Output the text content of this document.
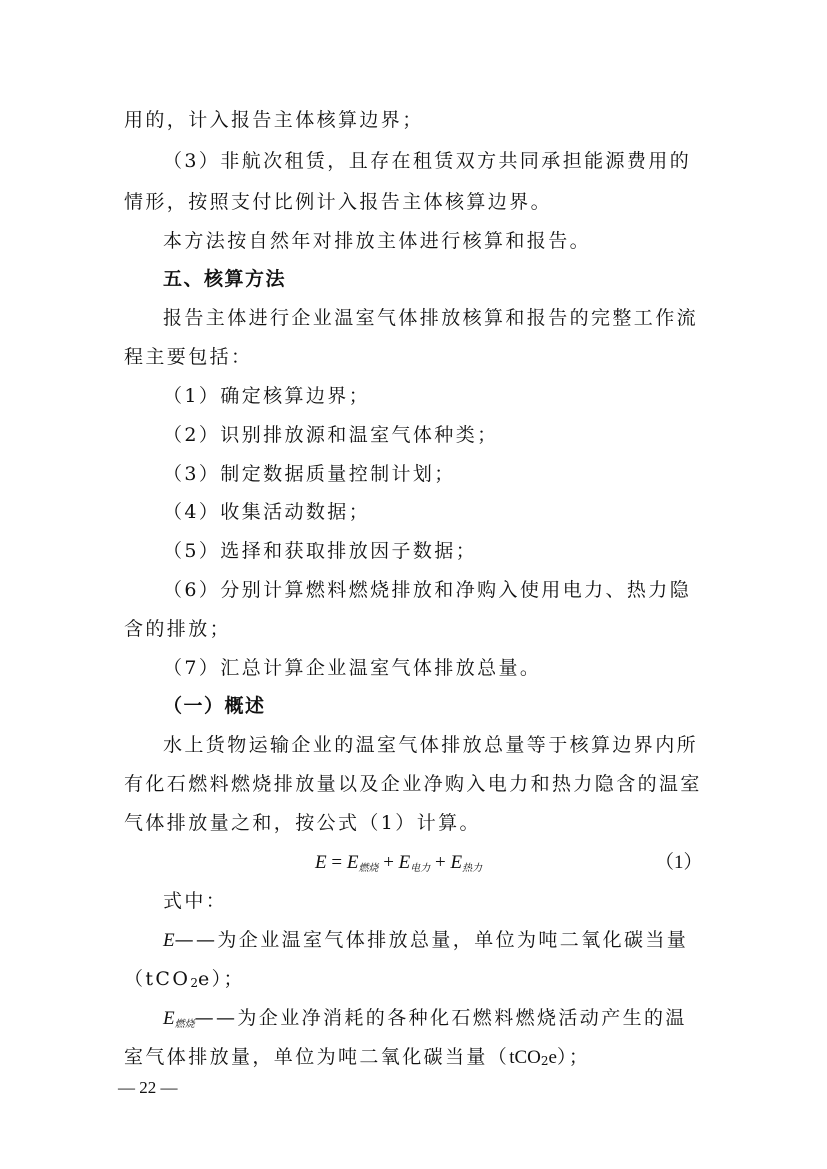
用的，计入报告主体核算边界；
（3）非航次租赁，且存在租赁双方共同承担能源费用的
情形，按照支付比例计入报告主体核算边界。
本方法按自然年对排放主体进行核算和报告。
五、核算方法
报告主体进行企业温室气体排放核算和报告的完整工作流
程主要包括：
（1）确定核算边界；
（2）识别排放源和温室气体种类；
（3）制定数据质量控制计划；
（4）收集活动数据；
（5）选择和获取排放因子数据；
（6）分别计算燃料燃烧排放和净购入使用电力、热力隐
含的排放；
（7）汇总计算企业温室气体排放总量。
（一）概述
水上货物运输企业的温室气体排放总量等于核算边界内所
有化石燃料燃烧排放量以及企业净购入电力和热力隐含的温室
气体排放量之和，按公式（1）计算。
$E = E_{燃烧} + E_{电力} + E_{热力}$	（1）
式中：
E——为企业温室气体排放总量，单位为吨二氧化碳当量
（tCO$_2$e）；
$E_{燃烧}——$为企业净消耗的各种化石燃料燃烧活动产生的温
室气体排放量，单位为吨二氧化碳当量（tCO$_2$e）；
— 22 —
